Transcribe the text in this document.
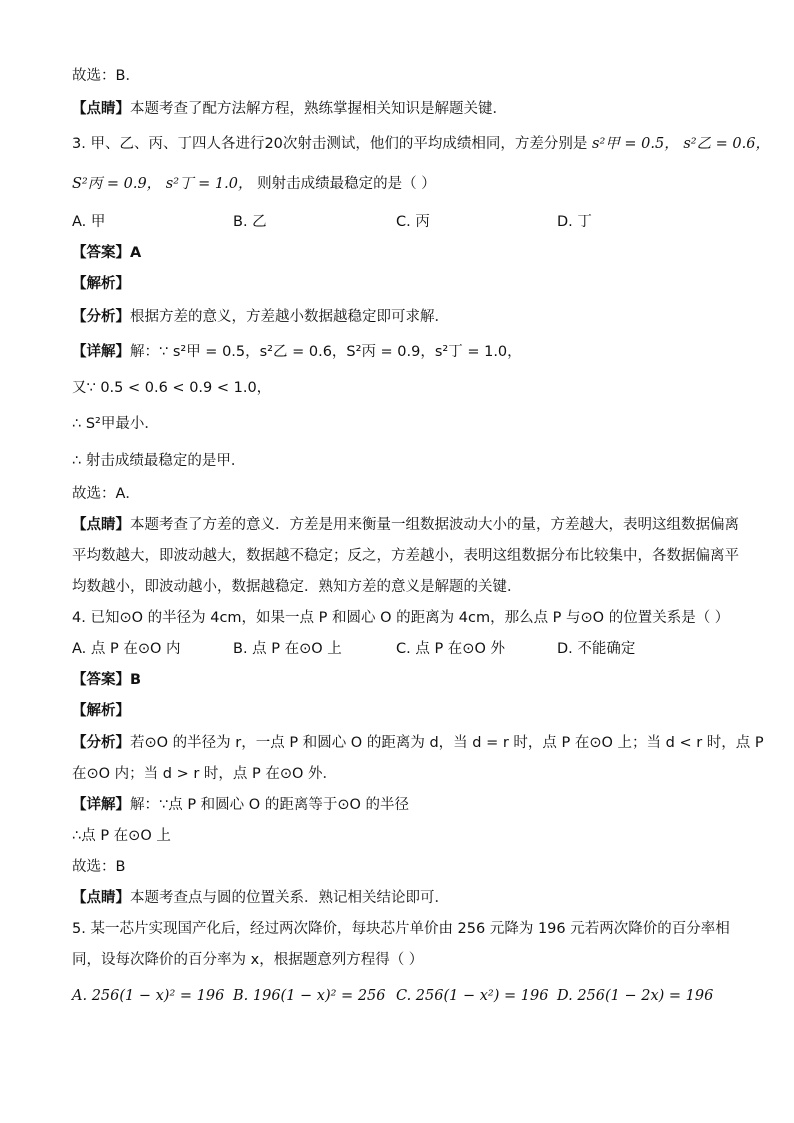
故选：B．
【点睛】本题考查了配方法解方程，熟练掌握相关知识是解题关键．
3. 甲、乙、丙、丁四人各进行20次射击测试，他们的平均成绩相同，方差分别是 s²甲 = 0.5， s²乙 = 0.6，
S²丙 = 0.9， s²丁 = 1.0， 则射击成绩最稳定的是（ ）
A. 甲	B. 乙	C. 丙	D. 丁
【答案】A
【解析】
【分析】根据方差的意义，方差越小数据越稳定即可求解．
【详解】解：∵ s²甲 = 0.5，s²乙 = 0.6，S²丙 = 0.9，s²丁 = 1.0，
又∵ 0.5 < 0.6 < 0.9 < 1.0，
∴ S²甲最小．
∴ 射击成绩最稳定的是甲．
故选：A．
【点睛】本题考查了方差的意义．方差是用来衡量一组数据波动大小的量，方差越大，表明这组数据偏离
平均数越大，即波动越大，数据越不稳定；反之，方差越小，表明这组数据分布比较集中，各数据偏离平
均数越小，即波动越小，数据越稳定．熟知方差的意义是解题的关键．
4. 已知⊙O 的半径为 4cm，如果一点 P 和圆心 O 的距离为 4cm，那么点 P 与⊙O 的位置关系是（ ）
A. 点 P 在⊙O 内	B. 点 P 在⊙O 上	C. 点 P 在⊙O 外	D. 不能确定
【答案】B
【解析】
【分析】若⊙O 的半径为 r，一点 P 和圆心 O 的距离为 d，当 d = r 时，点 P 在⊙O 上；当 d < r 时，点 P
在⊙O 内；当 d > r 时，点 P 在⊙O 外．
【详解】解：∵点 P 和圆心 O 的距离等于⊙O 的半径
∴点 P 在⊙O 上
故选：B
【点睛】本题考查点与圆的位置关系．熟记相关结论即可．
5. 某一芯片实现国产化后，经过两次降价，每块芯片单价由 256 元降为 196 元若两次降价的百分率相
同，设每次降价的百分率为 x，根据题意列方程得（ ）
A. 256(1 − x)² = 196 B. 196(1 − x)² = 256 C. 256(1 − x²) = 196 D. 256(1 − 2x) = 196
